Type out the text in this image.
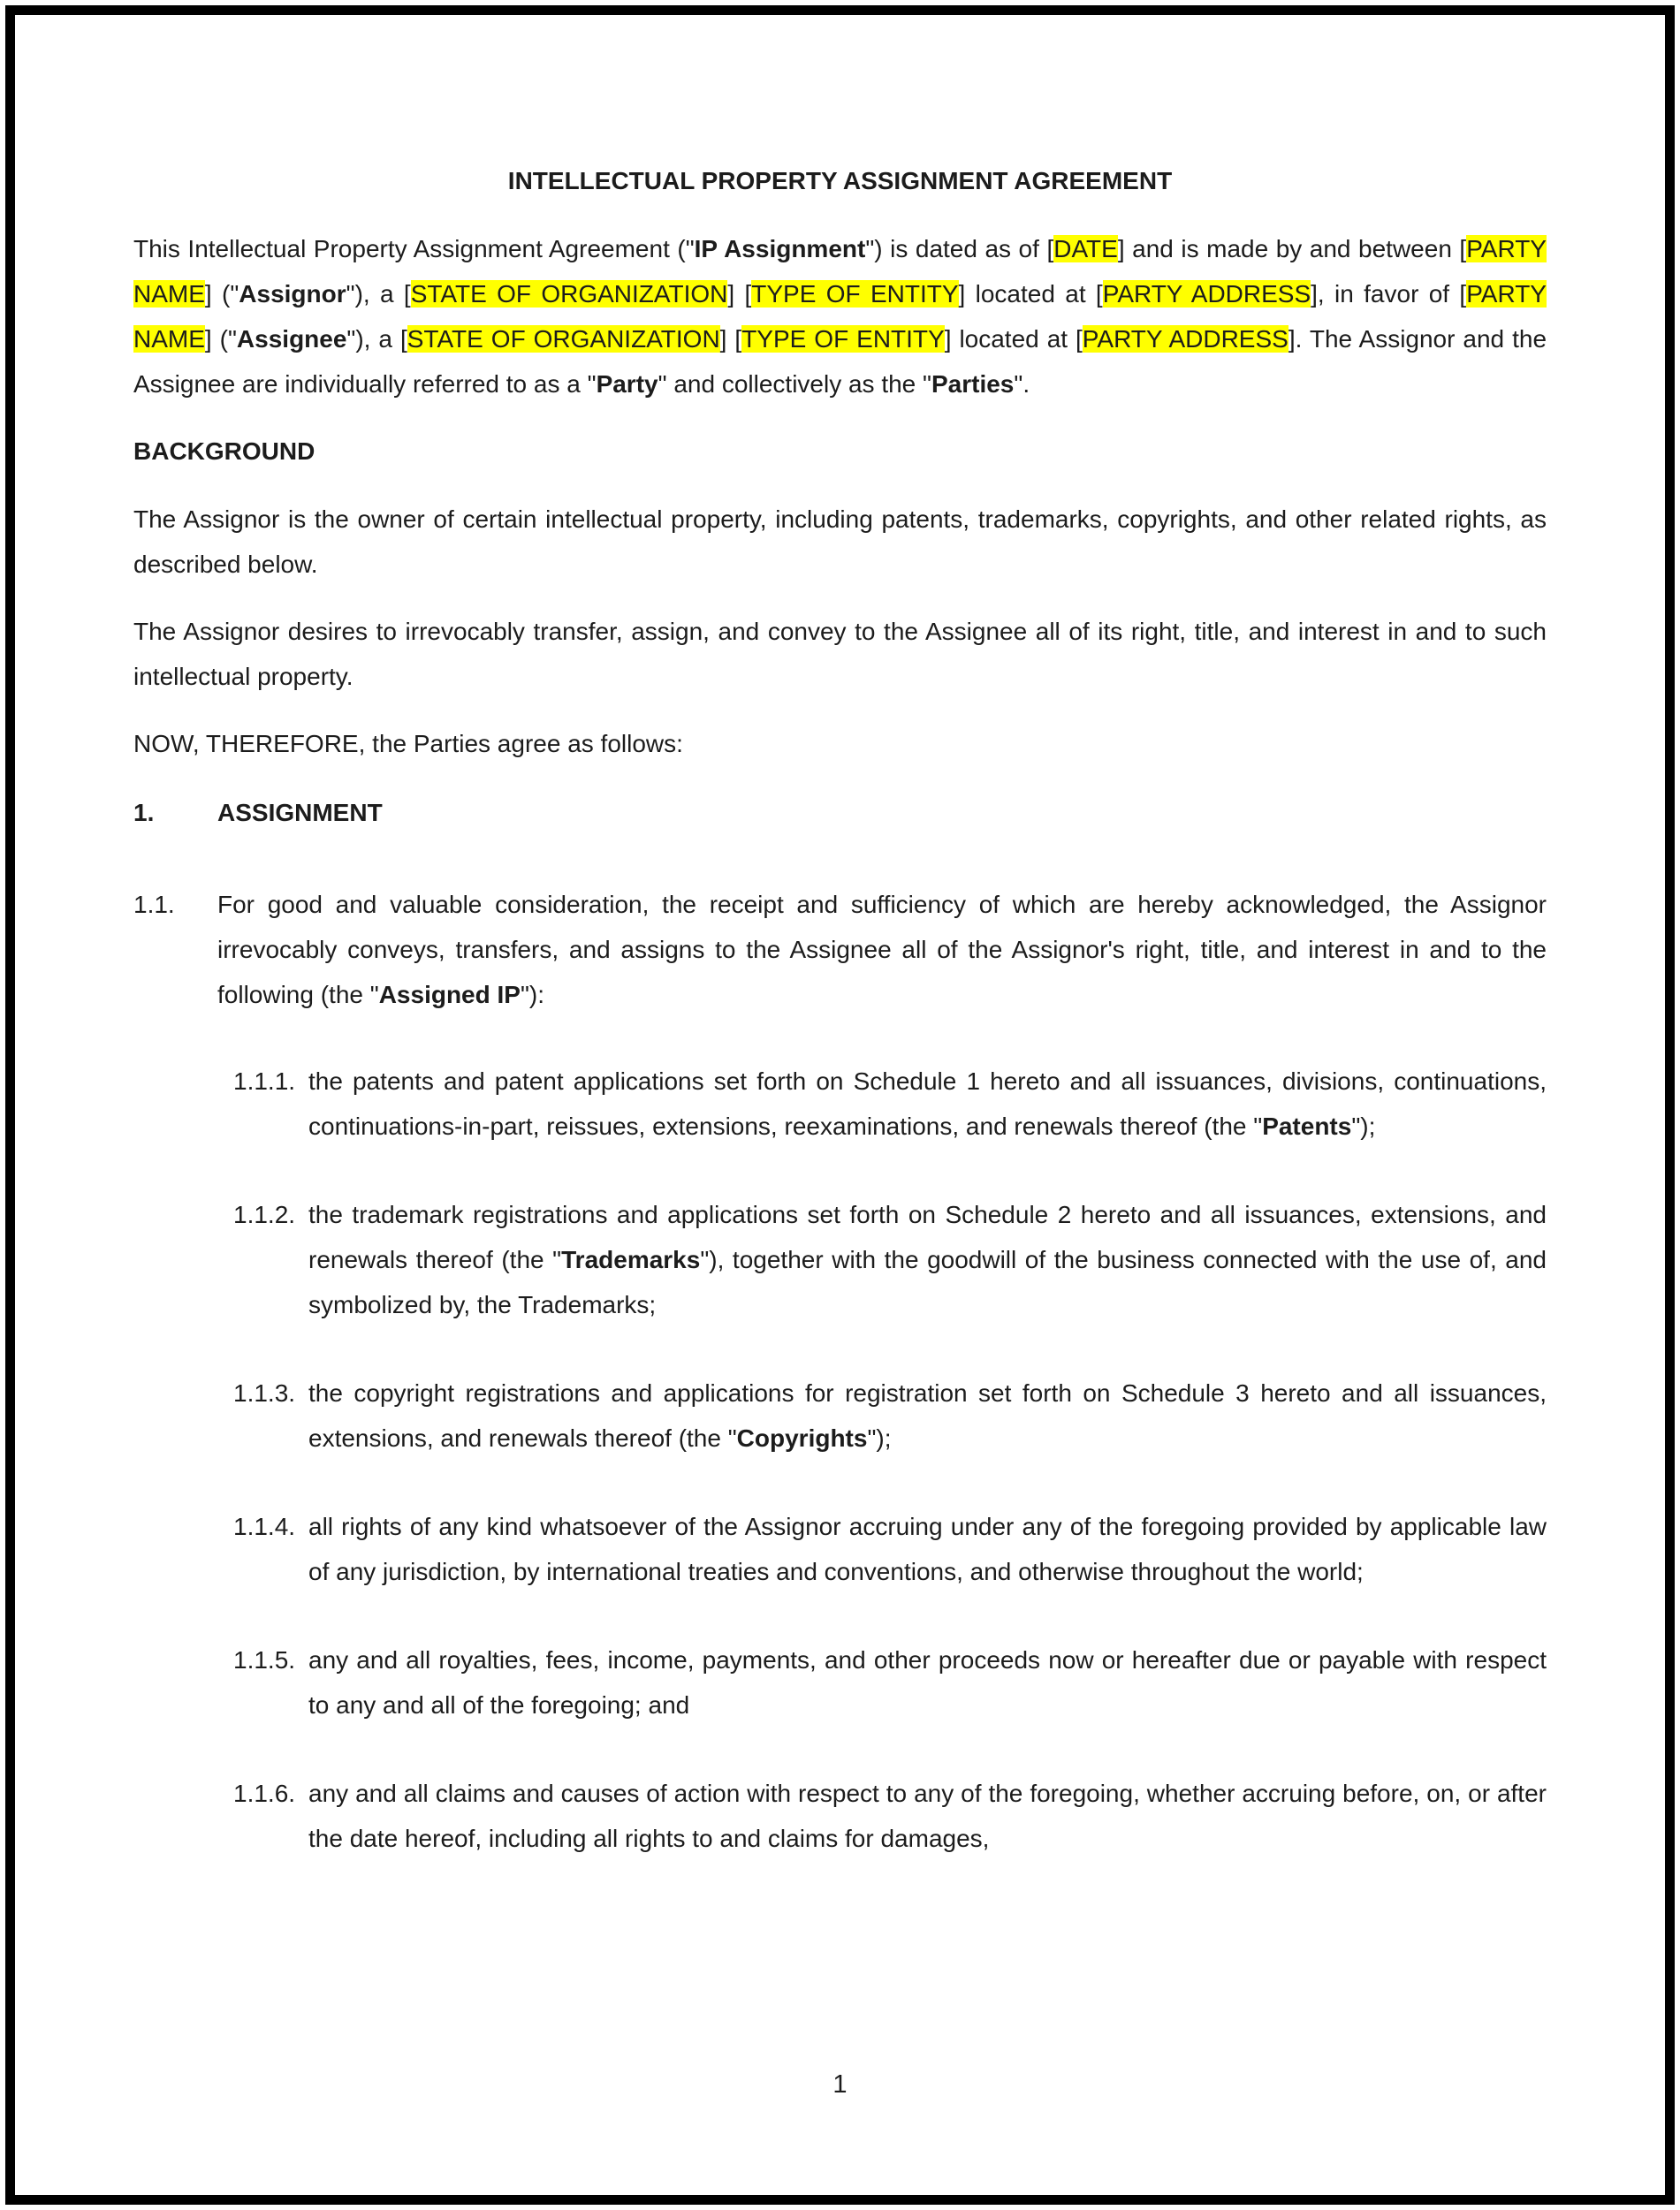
INTELLECTUAL PROPERTY ASSIGNMENT AGREEMENT

This Intellectual Property Assignment Agreement ("IP Assignment") is dated as of [DATE] and is made by and between [PARTY NAME] ("Assignor"), a [STATE OF ORGANIZATION] [TYPE OF ENTITY] located at [PARTY ADDRESS], in favor of [PARTY NAME] ("Assignee"), a [STATE OF ORGANIZATION] [TYPE OF ENTITY] located at [PARTY ADDRESS]. The Assignor and the Assignee are individually referred to as a "Party" and collectively as the "Parties".

BACKGROUND

The Assignor is the owner of certain intellectual property, including patents, trademarks, copyrights, and other related rights, as described below.

The Assignor desires to irrevocably transfer, assign, and convey to the Assignee all of its right, title, and interest in and to such intellectual property.

NOW, THEREFORE, the Parties agree as follows:

1.	ASSIGNMENT
1.1. For good and valuable consideration, the receipt and sufficiency of which are hereby acknowledged, the Assignor irrevocably conveys, transfers, and assigns to the Assignee all of the Assignor's right, title, and interest in and to the following (the "Assigned IP"):
1.1.1. the patents and patent applications set forth on Schedule 1 hereto and all issuances, divisions, continuations, continuations-in-part, reissues, extensions, reexaminations, and renewals thereof (the "Patents");
1.1.2. the trademark registrations and applications set forth on Schedule 2 hereto and all issuances, extensions, and renewals thereof (the "Trademarks"), together with the goodwill of the business connected with the use of, and symbolized by, the Trademarks;
1.1.3. the copyright registrations and applications for registration set forth on Schedule 3 hereto and all issuances, extensions, and renewals thereof (the "Copyrights");
1.1.4. all rights of any kind whatsoever of the Assignor accruing under any of the foregoing provided by applicable law of any jurisdiction, by international treaties and conventions, and otherwise throughout the world;
1.1.5. any and all royalties, fees, income, payments, and other proceeds now or hereafter due or payable with respect to any and all of the foregoing; and
1.1.6. any and all claims and causes of action with respect to any of the foregoing, whether accruing before, on, or after the date hereof, including all rights to and claims for damages,
1
